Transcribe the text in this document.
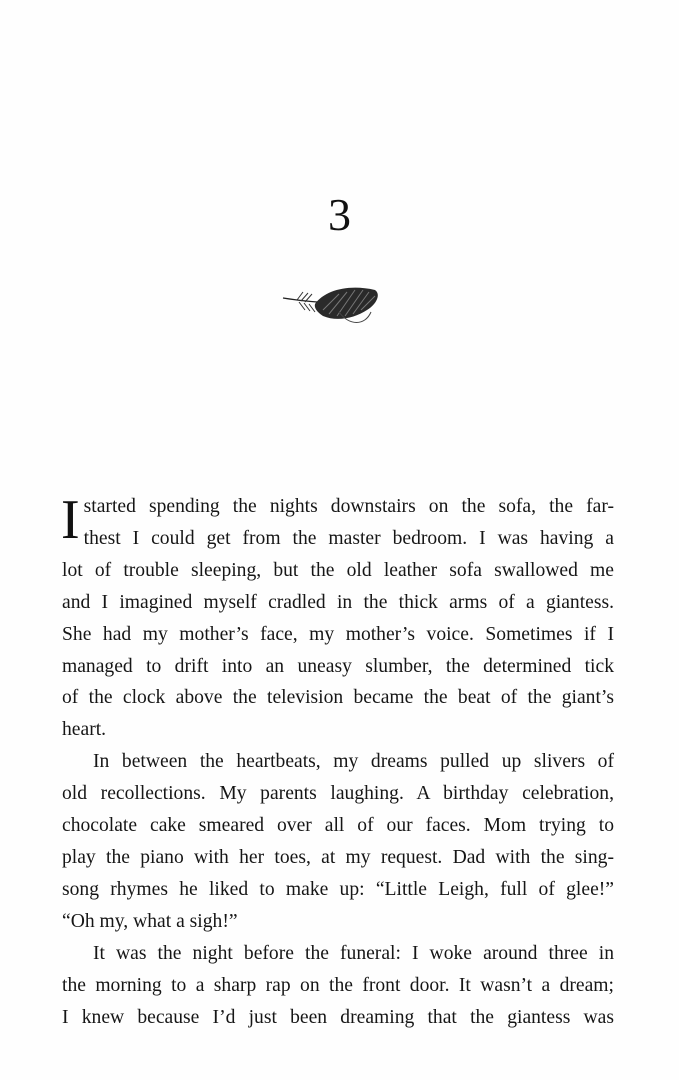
3

I started spending the nights downstairs on the sofa, the far-
thest I could get from the master bedroom. I was having a
lot of trouble sleeping, but the old leather sofa swallowed me
and I imagined myself cradled in the thick arms of a giantess.
She had my mother’s face, my mother’s voice. Sometimes if I
managed to drift into an uneasy slumber, the determined tick
of the clock above the television became the beat of the giant’s
heart.

In between the heartbeats, my dreams pulled up slivers of
old recollections. My parents laughing. A birthday celebration,
chocolate cake smeared over all of our faces. Mom trying to
play the piano with her toes, at my request. Dad with the sing-
song rhymes he liked to make up: “Little Leigh, full of glee!”
“Oh my, what a sigh!”

It was the night before the funeral: I woke around three in
the morning to a sharp rap on the front door. It wasn’t a dream;
I knew because I’d just been dreaming that the giantess was
